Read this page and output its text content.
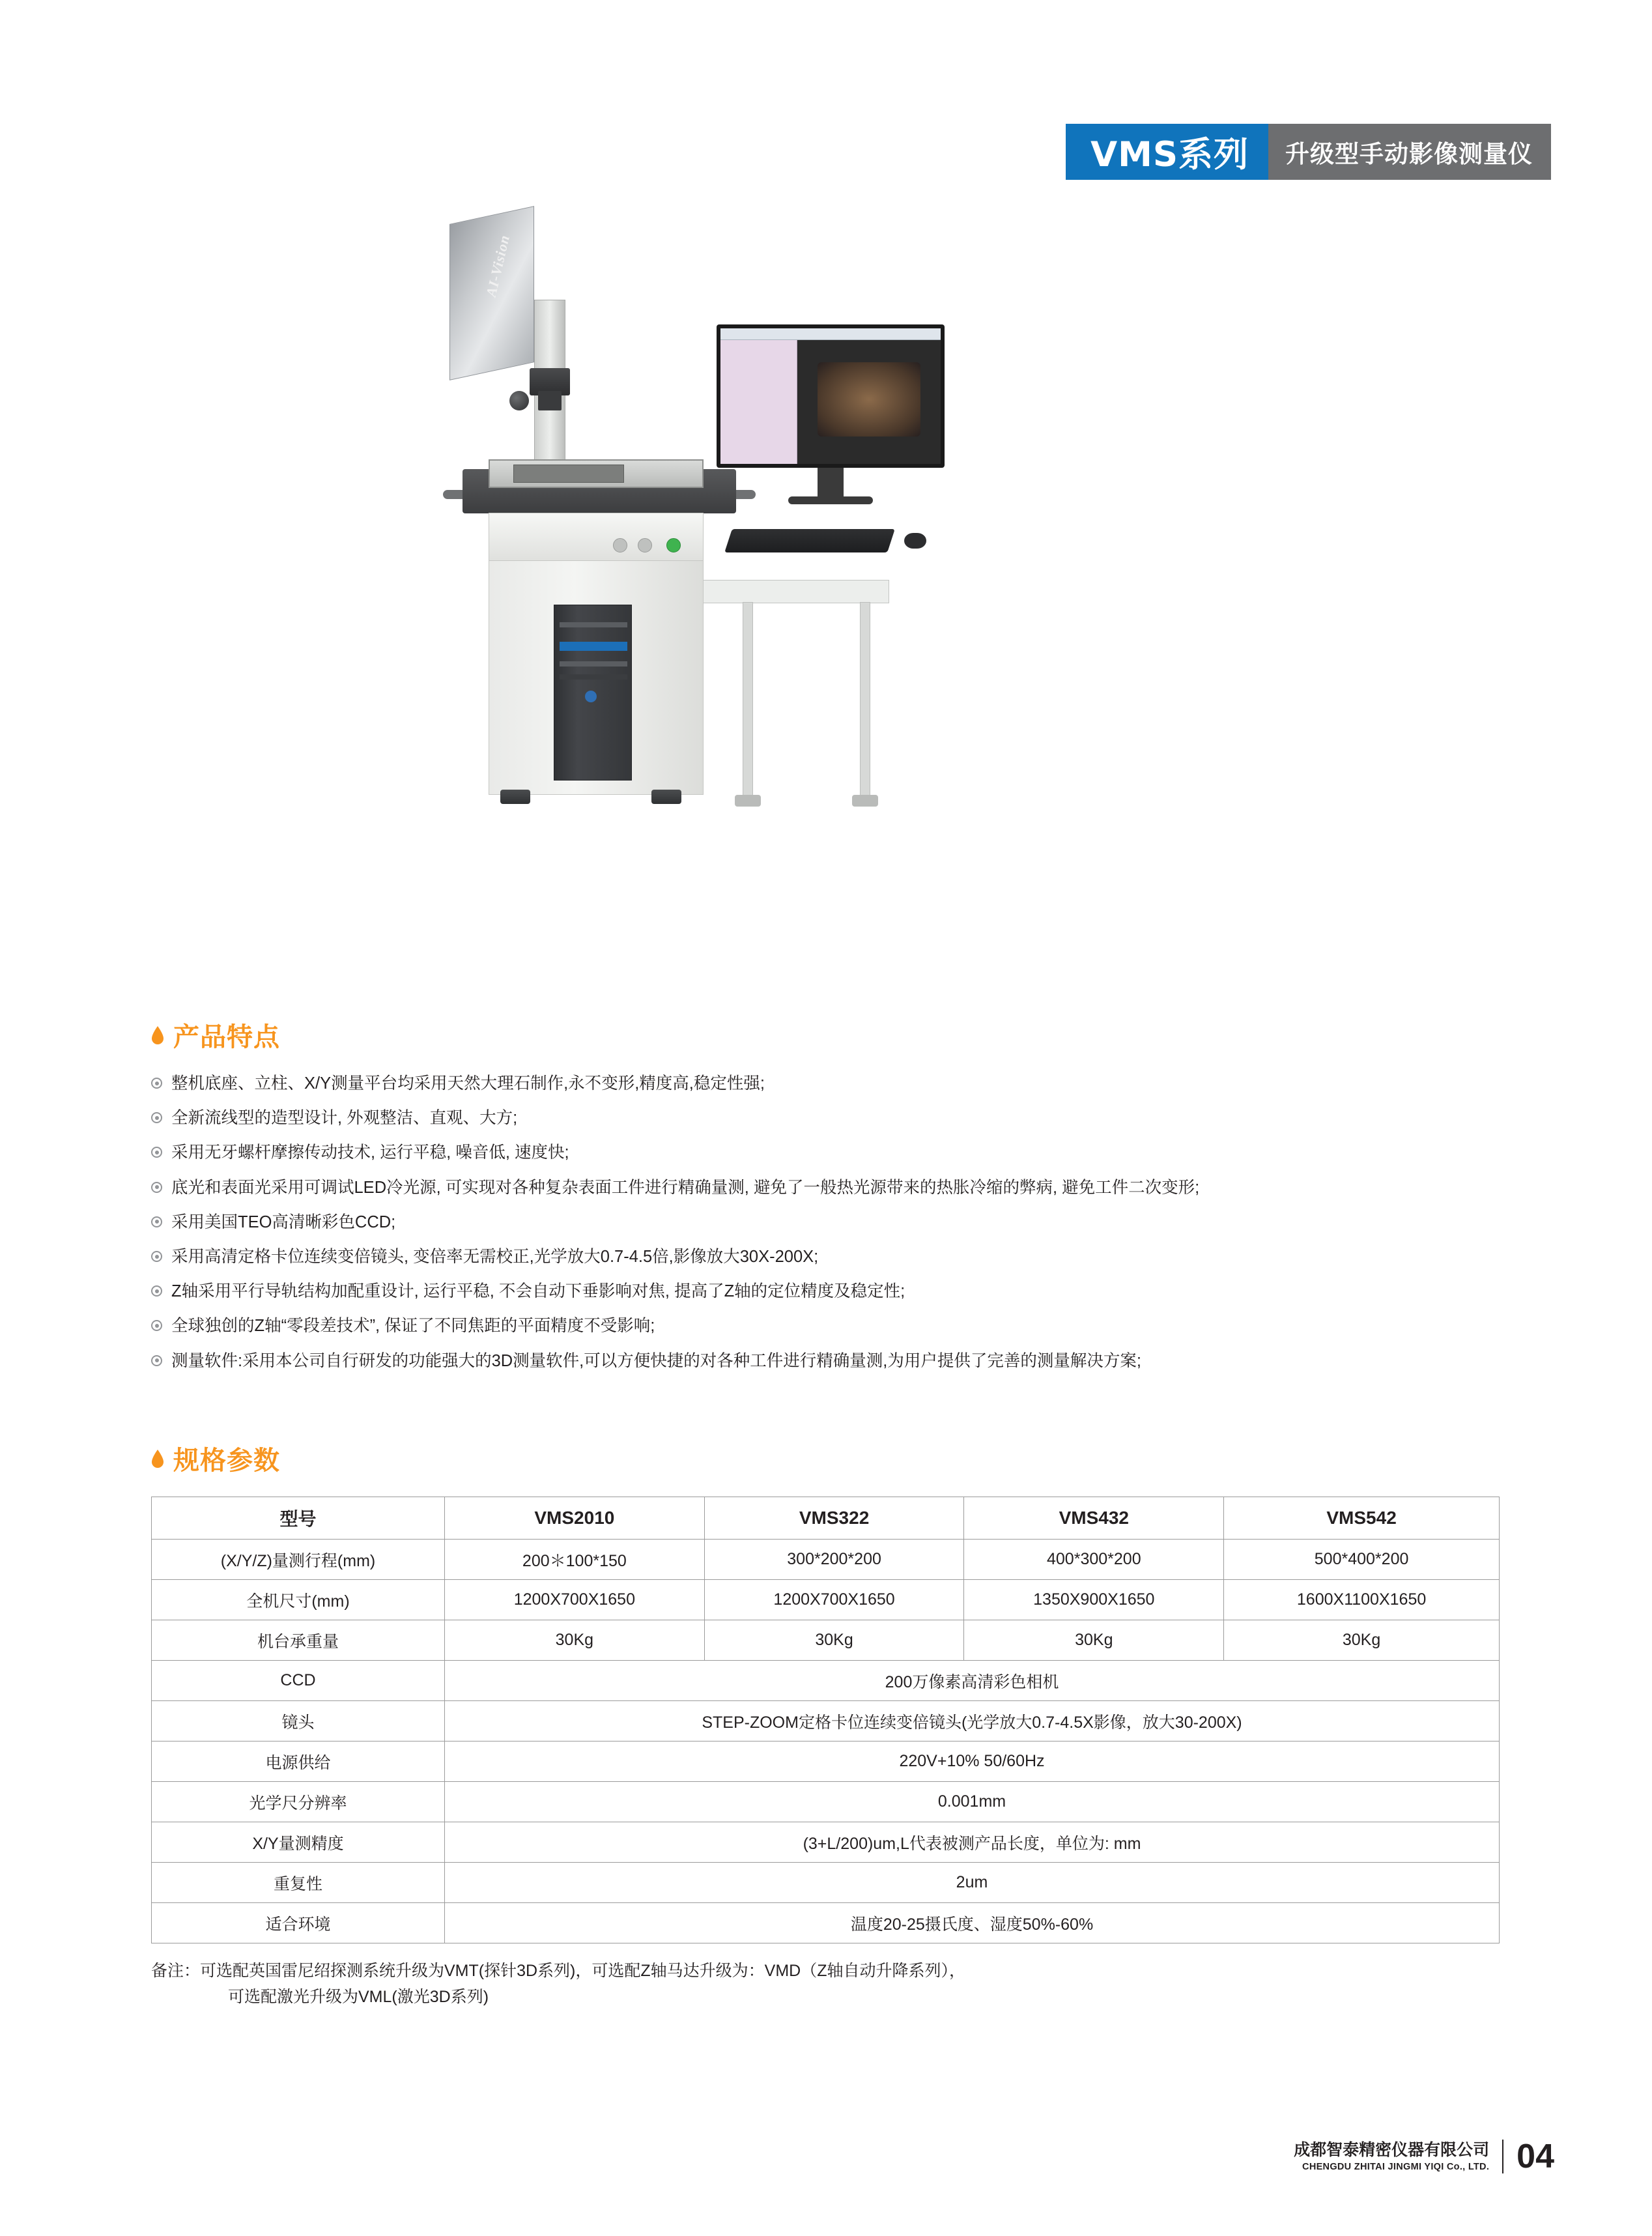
VMS系列	升级型手动影像测量仪
AI-Vision
产品特点
整机底座、立柱、X/Y测量平台均采用天然大理石制作,永不变形,精度高,稳定性强;
全新流线型的造型设计, 外观整洁、直观、大方;
采用无牙螺杆摩擦传动技术, 运行平稳, 噪音低, 速度快;
底光和表面光采用可调试LED冷光源, 可实现对各种复杂表面工件进行精确量测, 避免了一般热光源带来的热胀冷缩的弊病, 避免工件二次变形;
采用美国TEO高清晰彩色CCD;
采用高清定格卡位连续变倍镜头, 变倍率无需校正,光学放大0.7-4.5倍,影像放大30X-200X;
Z轴采用平行导轨结构加配重设计, 运行平稳, 不会自动下垂影响对焦, 提高了Z轴的定位精度及稳定性;
全球独创的Z轴“零段差技术”, 保证了不同焦距的平面精度不受影响;
测量软件:采用本公司自行研发的功能强大的3D测量软件,可以方便快捷的对各种工件进行精确量测,为用户提供了完善的测量解决方案;
规格参数
型号	VMS2010	VMS322	VMS432	VMS542
(X/Y/Z)量测行程(mm)	200＊100*150	300*200*200	400*300*200	500*400*200
全机尺寸(mm)	1200X700X1650	1200X700X1650	1350X900X1650	1600X1100X1650
机台承重量	30Kg	30Kg	30Kg	30Kg
CCD	200万像素高清彩色相机			
镜头	STEP-ZOOM定格卡位连续变倍镜头(光学放大0.7-4.5X影像，放大30-200X)			
电源供给	220V+10% 50/60Hz			
光学尺分辨率	0.001mm			
X/Y量测精度	(3+L/200)um,L代表被测产品长度，单位为: mm			
重复性	2um			
适合环境	温度20-25摄氏度、湿度50%-60%			
备注：可选配英国雷尼绍探测系统升级为VMT(探针3D系列)，可选配Z轴马达升级为：VMD（Z轴自动升降系列），
可选配激光升级为VML(激光3D系列)
成都智泰精密仪器有限公司
CHENGDU ZHITAI JINGMI YIQI Co., LTD. 04
